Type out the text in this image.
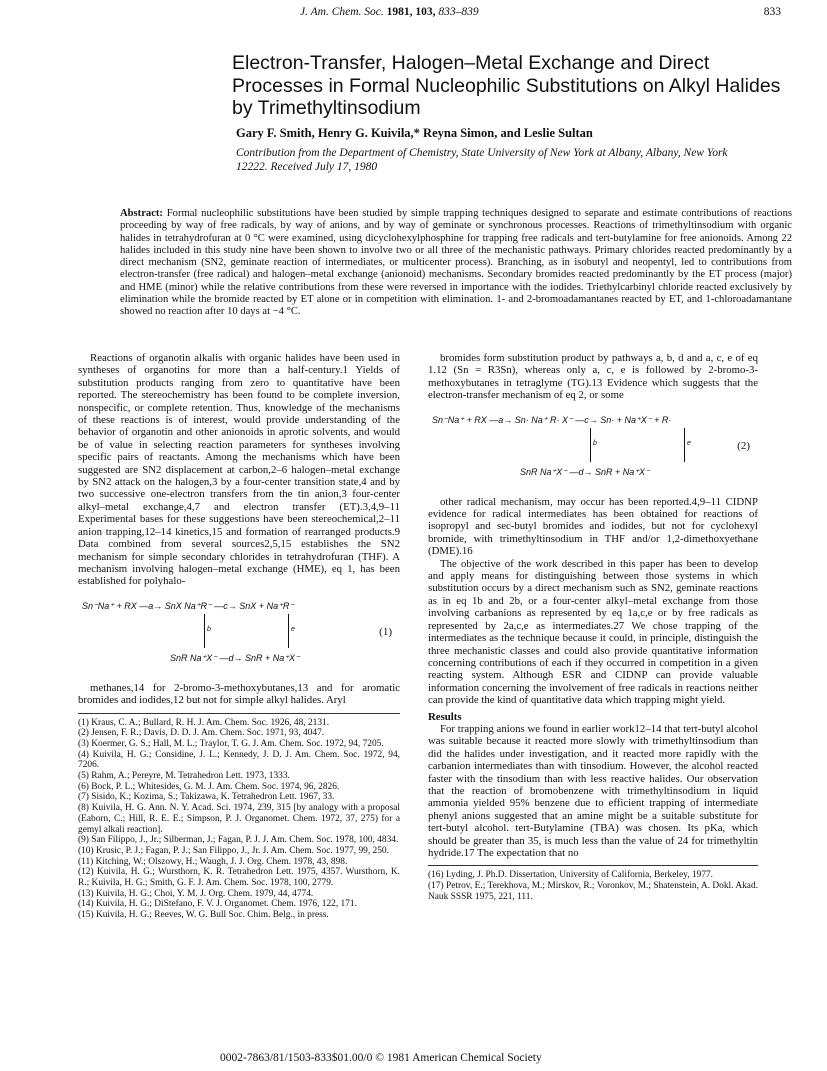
J. Am. Chem. Soc. 1981, 103, 833–839	833
Electron-Transfer, Halogen–Metal Exchange and Direct Processes in Formal Nucleophilic Substitutions on Alkyl Halides by Trimethyltinsodium
Gary F. Smith, Henry G. Kuivila,* Reyna Simon, and Leslie Sultan
Contribution from the Department of Chemistry, State University of New York at Albany, Albany, New York 12222. Received July 17, 1980
Abstract: Formal nucleophilic substitutions have been studied by simple trapping techniques designed to separate and estimate contributions of reactions proceeding by way of free radicals, by way of anions, and by way of geminate or synchronous processes. Reactions of trimethyltinsodium with organic halides in tetrahydrofuran at 0 °C were examined, using dicyclohexylphosphine for trapping free radicals and tert-butylamine for free anionoids. Among 22 halides included in this study nine have been shown to involve two or all three of the mechanistic pathways. Primary chlorides reacted predominantly by a direct mechanism (SN2, geminate reaction of intermediates, or multicenter process). Branching, as in isobutyl and neopentyl, led to contributions from electron-transfer (free radical) and halogen–metal exchange (anionoid) mechanisms. Secondary bromides reacted predominantly by the ET process (major) and HME (minor) while the relative contributions from these were reversed in importance with the iodides. Triethylcarbinyl chloride reacted exclusively by elimination while the bromide reacted by ET alone or in competition with elimination. 1- and 2-bromoadamantanes reacted by ET, and 1-chloroadamantane showed no reaction after 10 days at −4 °C.

Reactions of organotin alkalis with organic halides have been used in syntheses of organotins for more than a half-century.1 Yields of substitution products ranging from zero to quantitative have been reported. The stereochemistry has been found to be complete inversion, nonspecific, or complete retention. Thus, knowledge of the mechanisms of these reactions is of interest, would provide understanding of the behavior of organotin and other anionoids in aprotic solvents, and would be of value in selecting reaction parameters for syntheses involving specific pairs of reactants. Among the mechanisms which have been suggested are SN2 displacement at carbon,2–6 halogen–metal exchange by SN2 attack on the halogen,3 by a four-center transition state,4 and by two successive one-electron transfers from the tin anion,3 four-center alkyl–metal exchange,4,7 and electron transfer (ET).3,4,9–11 Experimental bases for these suggestions have been stereochemical,2–11 anion trapping,12–14 kinetics,15 and formation of rearranged products.9 Data combined from several sources2,5,15 establishes the SN2 mechanism for simple secondary chlorides in tetrahydrofuran (THF). A mechanism involving halogen–metal exchange (HME), eq 1, has been established for polyhalo-

Sn⁻Na⁺ + RX —a→ SnX Na⁺R⁻ —c→ SnX + Na⁺R⁻
b	e	(1)
SnR Na⁺X⁻ —d→ SnR + Na⁺X⁻

methanes,14 for 2-bromo-3-methoxybutanes,13 and for aromatic bromides and iodides,12 but not for simple alkyl halides. Aryl

(1) Kraus, C. A.; Bullard, R. H. J. Am. Chem. Soc. 1926, 48, 2131.

(2) Jensen, F. R.; Davis, D. D. J. Am. Chem. Soc. 1971, 93, 4047.

(3) Koermer, G. S.; Hall, M. L.; Traylor, T. G. J. Am. Chem. Soc. 1972, 94, 7205.

(4) Kuivila, H. G.; Considine, J. L.; Kennedy, J. D. J. Am. Chem. Soc. 1972, 94, 7206.

(5) Rahm, A.; Pereyre, M. Tetrahedron Lett. 1973, 1333.

(6) Bock, P. L.; Whitesides, G. M. J. Am. Chem. Soc. 1974, 96, 2826.

(7) Sisido, K.; Kozima, S.; Takizawa, K. Tetrahedron Lett. 1967, 33.

(8) Kuivila, H. G. Ann. N. Y. Acad. Sci. 1974, 239, 315 [by analogy with a proposal (Eaborn, C.; Hill, R. E. E.; Simpson, P. J. Organomet. Chem. 1972, 37, 275) for a gemyl alkali reaction].

(9) San Filippo, J., Jr.; Silberman, J.; Fagan, P. J. J. Am. Chem. Soc. 1978, 100, 4834.

(10) Krusic, P. J.; Fagan, P. J.; San Filippo, J., Jr. J. Am. Chem. Soc. 1977, 99, 250.

(11) Kitching, W.; Olszowy, H.; Waugh, J. J. Org. Chem. 1978, 43, 898.

(12) Kuivila, H. G.; Wursthorn, K. R. Tetrahedron Lett. 1975, 4357. Wursthorn, K. R.; Kuivila, H. G.; Smith, G. F. J. Am. Chem. Soc. 1978, 100, 2779.

(13) Kuivila, H. G.; Choi, Y. M. J. Org. Chem. 1979, 44, 4774.

(14) Kuivila, H. G.; DiStefano, F. V. J. Organomet. Chem. 1976, 122, 171.

(15) Kuivila, H. G.; Reeves, W. G. Bull Soc. Chim. Belg., in press.

bromides form substitution product by pathways a, b, d and a, c, e of eq 1.12 (Sn = R3Sn), whereas only a, c, e is followed by 2-bromo-3-methoxybutanes in tetraglyme (TG).13 Evidence which suggests that the electron-transfer mechanism of eq 2, or some

Sn⁻Na⁺ + RX —a→ Sn· Na⁺ R· X⁻ —c→ Sn· + Na⁺X⁻ + R·
b	e	(2)
SnR Na⁺X⁻ —d→ SnR + Na⁺X⁻

other radical mechanism, may occur has been reported.4,9–11 CIDNP evidence for radical intermediates has been obtained for reactions of isopropyl and sec-butyl bromides and iodides, but not for cyclohexyl bromide, with trimethyltinsodium in THF and/or 1,2-dimethoxyethane (DME).16

The objective of the work described in this paper has been to develop and apply means for distinguishing between those systems in which substitution occurs by a direct mechanism such as SN2, geminate reactions as in eq 1b and 2b, or a four-center alkyl–metal exchange from those involving carbanions as represented by eq 1a,c,e or by free radicals as represented by 2a,c,e as intermediates.27 We chose trapping of the intermediates as the technique because it could, in principle, distinguish the three mechanistic classes and could also provide quantitative information concerning contributions of each if they occurred in competition in a given reacting system. Although ESR and CIDNP can provide valuable information concerning the involvement of free radicals in reactions neither can provide the kind of quantitative data which trapping might yield.

Results

For trapping anions we found in earlier work12–14 that tert-butyl alcohol was suitable because it reacted more slowly with trimethyltinsodium than did the halides under investigation, and it reacted more rapidly with the carbanion intermediates than with tinsodium. However, the alcohol reacted faster with the tinsodium than with less reactive halides. Our observation that the reaction of bromobenzene with trimethyltinsodium in liquid ammonia yielded 95% benzene due to efficient trapping of intermediate phenyl anions suggested that an amine might be a suitable substitute for tert-butyl alcohol. tert-Butylamine (TBA) was chosen. Its pKa, which should be greater than 35, is much less than the value of 24 for trimethyltin hydride.17 The expectation that no

(16) Lyding, J. Ph.D. Dissertation, University of California, Berkeley, 1977.

(17) Petrov, E.; Terekhova, M.; Mirskov, R.; Voronkov, M.; Shatenstein, A. Dokl. Akad. Nauk SSSR 1975, 221, 111.

0002-7863/81/1503-833$01.00/0 © 1981 American Chemical Society
